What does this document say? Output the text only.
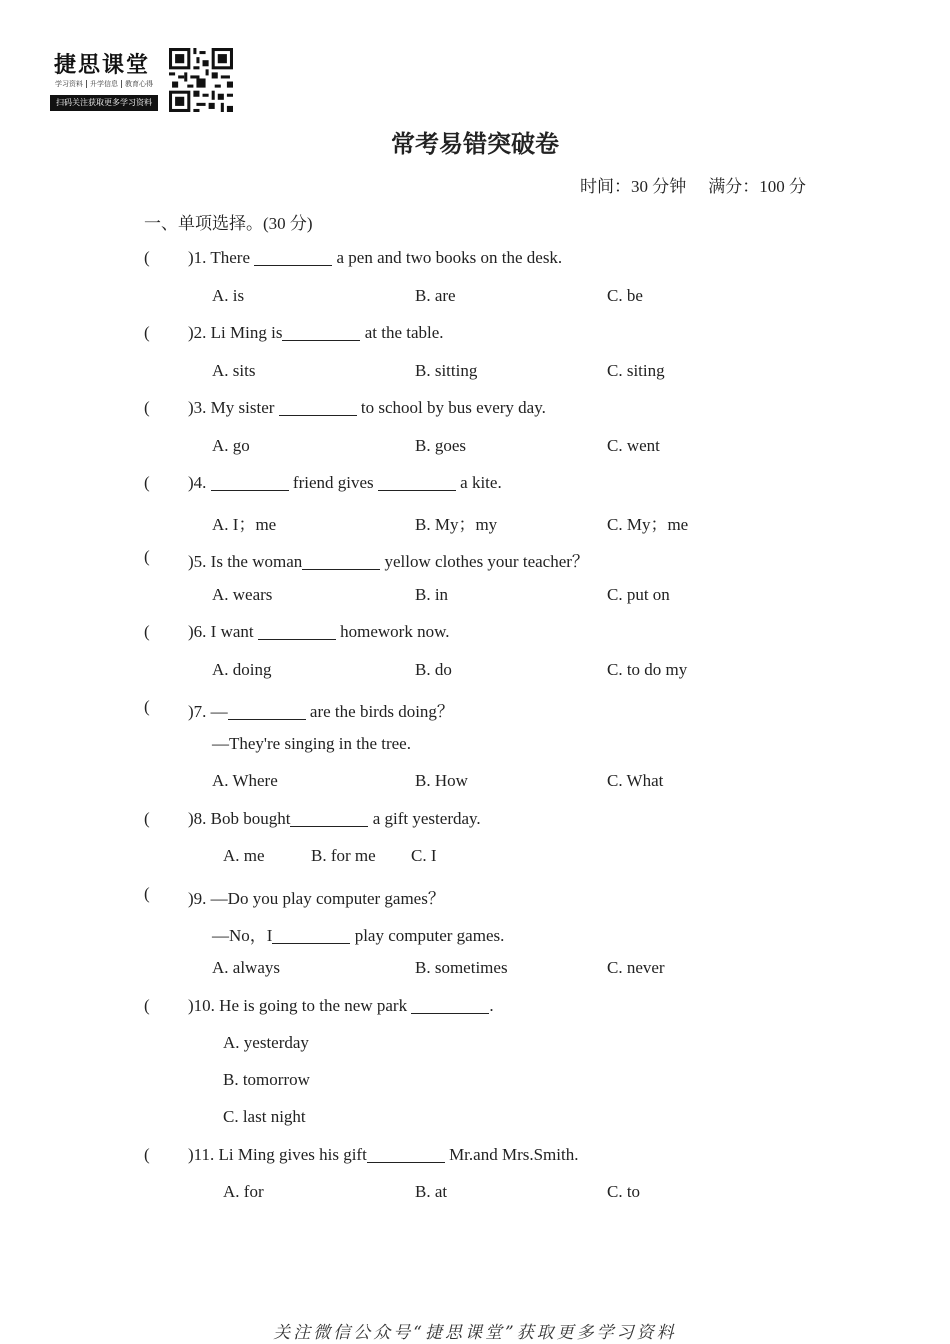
捷思课堂
学习资料 升学信息 教育心得
扫码关注获取更多学习资料
常考易错突破卷
时间：30 分钟 满分：100 分
一、单项选择。(30 分)
( )1. There	a pen and two books on the desk.
A. is	B. are	C. be
( )2. Li Ming is	at the table.
A. sits	B. sitting	C. siting
( )3. My sister	to school by bus every day.
A. go	B. goes	C. went
( )4.	friend gives	a kite.
A. I；me	B. My；my	C. My；me
( )5. Is the woman	yellow clothes your teacher？
A. wears	B. in	C. put on
( )6. I want	homework now.
A. doing	B. do	C. to do my
( )7. —	are the birds doing？
—They're singing in the tree.
A. Where	B. How	C. What
( )8. Bob bought	a gift yesterday.
A. me	B. for me C. I
( )9. —Do you play computer games？
—No，I	play computer games.
A. always	B. sometimes	C. never
( )10. He is going to the new park	.
A. yesterday
B. tomorrow
C. last night
( )11. Li Ming gives his gift	Mr.and Mrs.Smith.
A. for	B. at	C. to
关注微信公众号“捷思课堂”获取更多学习资料
